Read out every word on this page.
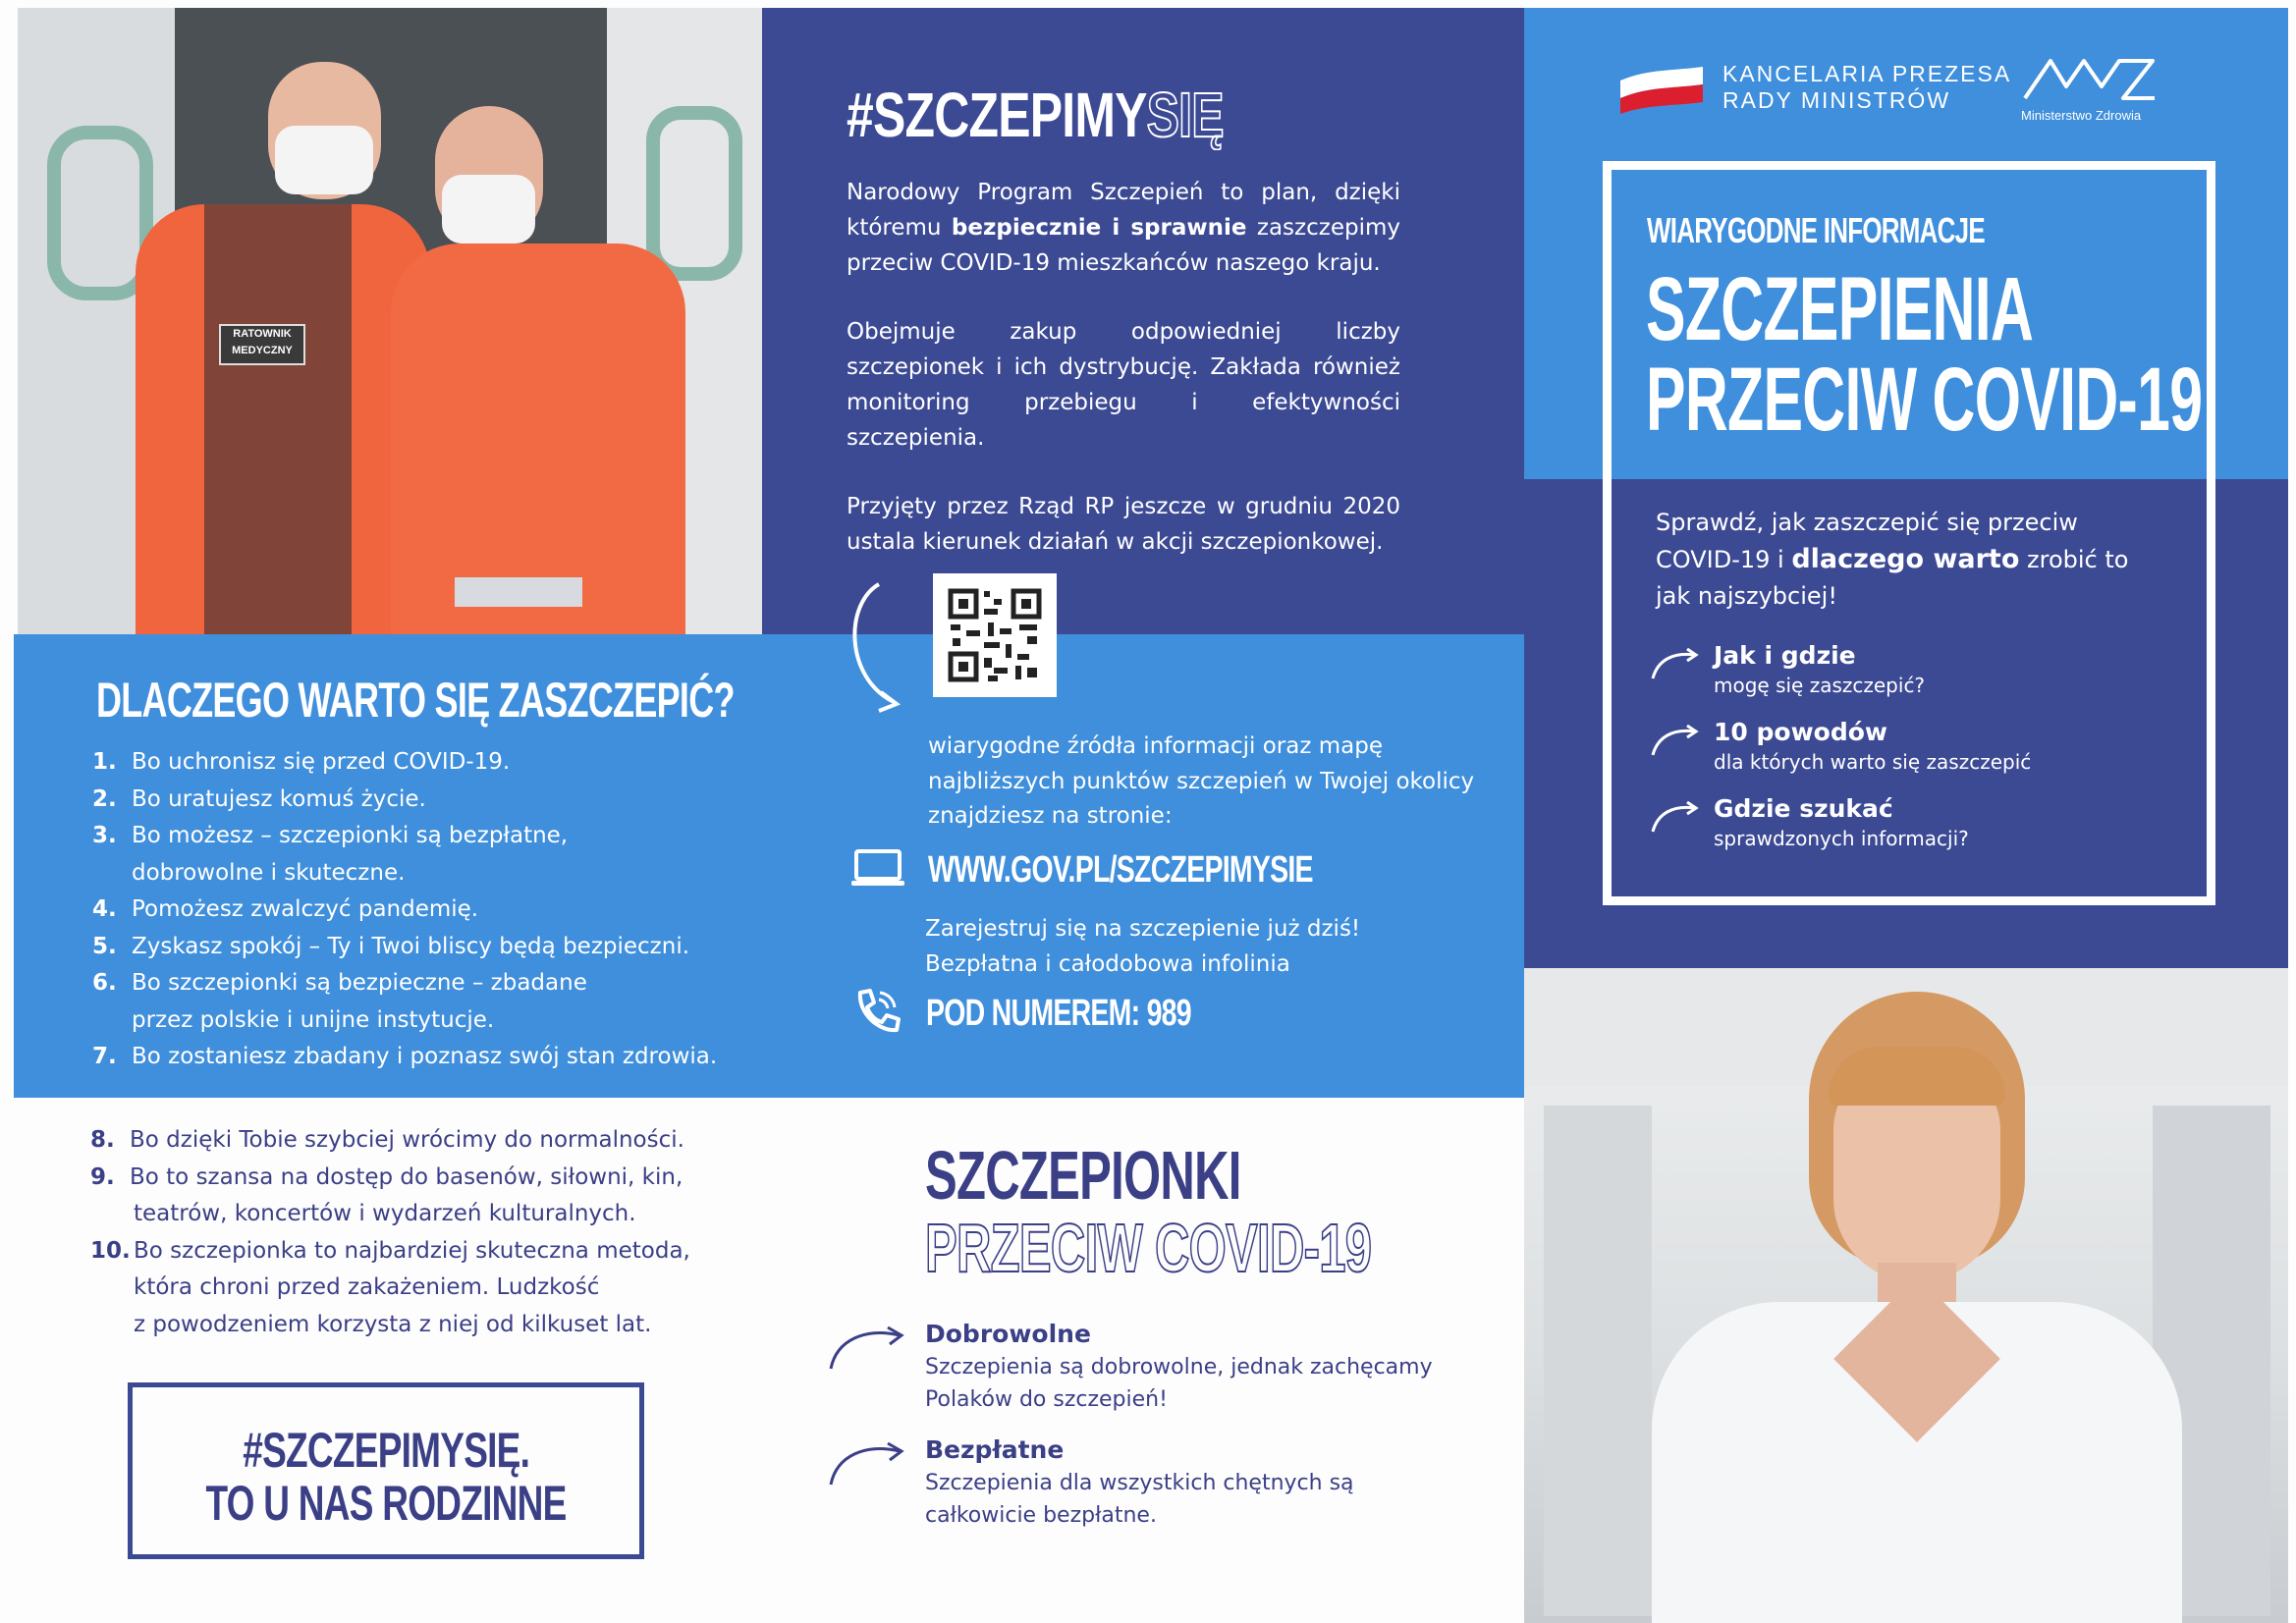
RATOWNIK
MEDYCZNY
#SZCZEPIMYSIĘ

Narodowy Program Szczepień to plan, dzięki któremu bezpiecznie i sprawnie zaszczepimy przeciw COVID-19 mieszkańców naszego kraju.

Obejmuje zakup odpowiedniej liczby szczepionek i ich dystrybucję. Zakłada również monitoring przebiegu i efektywności szczepienia.

Przyjęty przez Rząd RP jeszcze w grudniu 2020 ustala kierunek działań w akcji szczepionkowej.

wiarygodne źródła informacji oraz mapę najbliższych punktów szczepień w Twojej okolicy znajdziesz na stronie:

WWW.GOV.PL/SZCZEPIMYSIE

Zarejestruj się na szczepienie już dziś!

Bezpłatna i całodobowa infolinia

POD NUMEREM: 989
DLACZEGO WARTO SIĘ ZASZCZEPIĆ?
1. Bo uchronisz się przed COVID-19.
2. Bo uratujesz komuś życie.
3. Bo możesz – szczepionki są bezpłatne,
dobrowolne i skuteczne.
4. Pomożesz zwalczyć pandemię.
5. Zyskasz spokój – Ty i Twoi bliscy będą bezpieczni.
6. Bo szczepionki są bezpieczne – zbadane
przez polskie i unijne instytucje.
7. Bo zostaniesz zbadany i poznasz swój stan zdrowia.
8. Bo dzięki Tobie szybciej wrócimy do normalności.
9. Bo to szansa na dostęp do basenów, siłowni, kin,
teatrów, koncertów i wydarzeń kulturalnych.
10. Bo szczepionka to najbardziej skuteczna metoda,
która chroni przed zakażeniem. Ludzkość
z powodzeniem korzysta z niej od kilkuset lat.
#SZCZEPIMYSIĘ.
TO U NAS RODZINNE
SZCZEPIONKI
PRZECIW COVID-19
Dobrowolne
Szczepienia są dobrowolne, jednak zachęcamy
Polaków do szczepień!
Bezpłatne
Szczepienia dla wszystkich chętnych są
całkowicie bezpłatne.
KANCELARIA PREZESA
RADY MINISTRÓW
Ministerstwo Zdrowia
WIARYGODNE INFORMACJE
SZCZEPIENIA
PRZECIW COVID-19

Sprawdź, jak zaszczepić się przeciw COVID-19 i dlaczego warto zrobić to jak najszybciej!

Jak i gdzie
mogę się zaszczepić?
10 powodów
dla których warto się zaszczepić
Gdzie szukać
sprawdzonych informacji?
